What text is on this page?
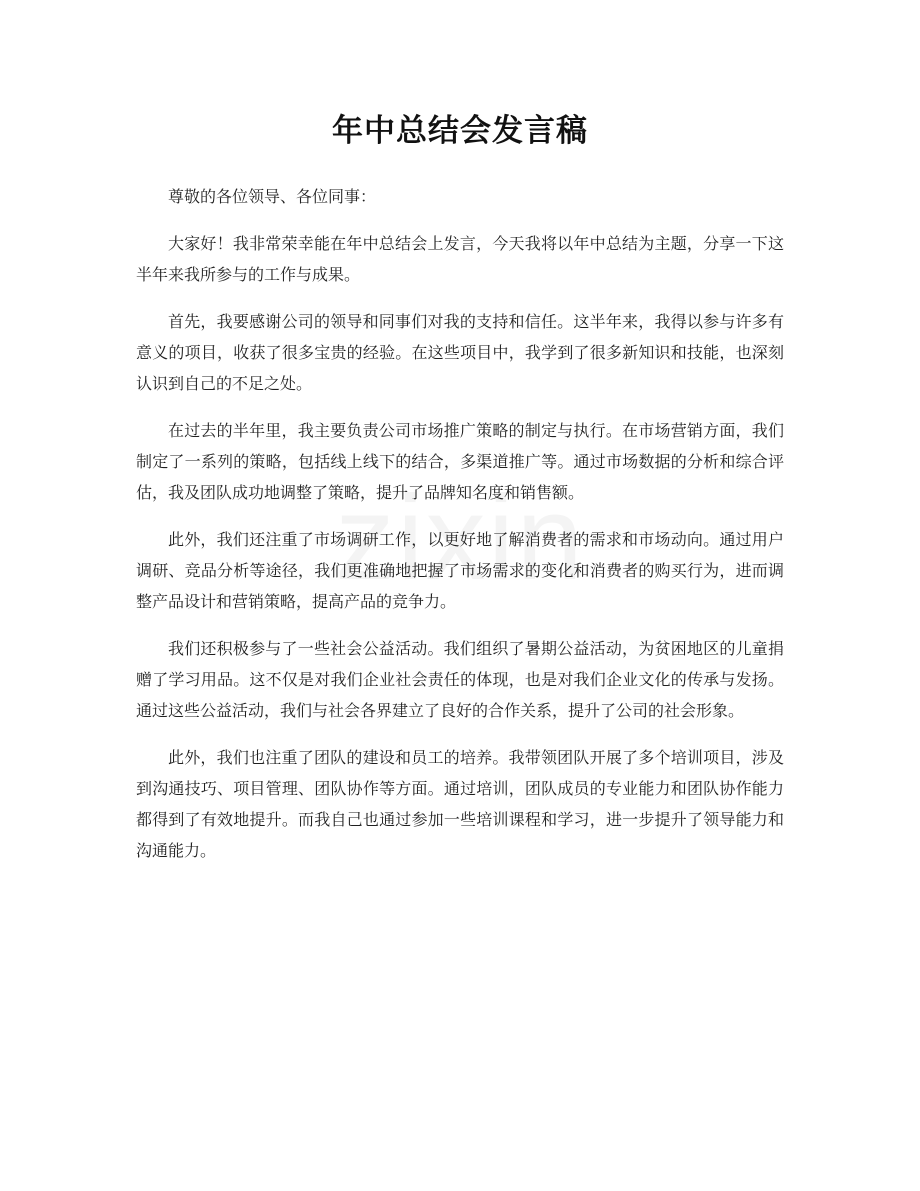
年中总结会发言稿

尊敬的各位领导、各位同事：

大家好！我非常荣幸能在年中总结会上发言，今天我将以年中总结为主题，分享一下这半年来我所参与的工作与成果。

首先，我要感谢公司的领导和同事们对我的支持和信任。这半年来，我得以参与许多有意义的项目，收获了很多宝贵的经验。在这些项目中，我学到了很多新知识和技能，也深刻认识到自己的不足之处。

在过去的半年里，我主要负责公司市场推广策略的制定与执行。在市场营销方面，我们制定了一系列的策略，包括线上线下的结合，多渠道推广等。通过市场数据的分析和综合评估，我及团队成功地调整了策略，提升了品牌知名度和销售额。

此外，我们还注重了市场调研工作，以更好地了解消费者的需求和市场动向。通过用户调研、竞品分析等途径，我们更准确地把握了市场需求的变化和消费者的购买行为，进而调整产品设计和营销策略，提高产品的竞争力。

我们还积极参与了一些社会公益活动。我们组织了暑期公益活动，为贫困地区的儿童捐赠了学习用品。这不仅是对我们企业社会责任的体现，也是对我们企业文化的传承与发扬。通过这些公益活动，我们与社会各界建立了良好的合作关系，提升了公司的社会形象。

此外，我们也注重了团队的建设和员工的培养。我带领团队开展了多个培训项目，涉及到沟通技巧、项目管理、团队协作等方面。通过培训，团队成员的专业能力和团队协作能力都得到了有效地提升。而我自己也通过参加一些培训课程和学习，进一步提升了领导能力和沟通能力。
